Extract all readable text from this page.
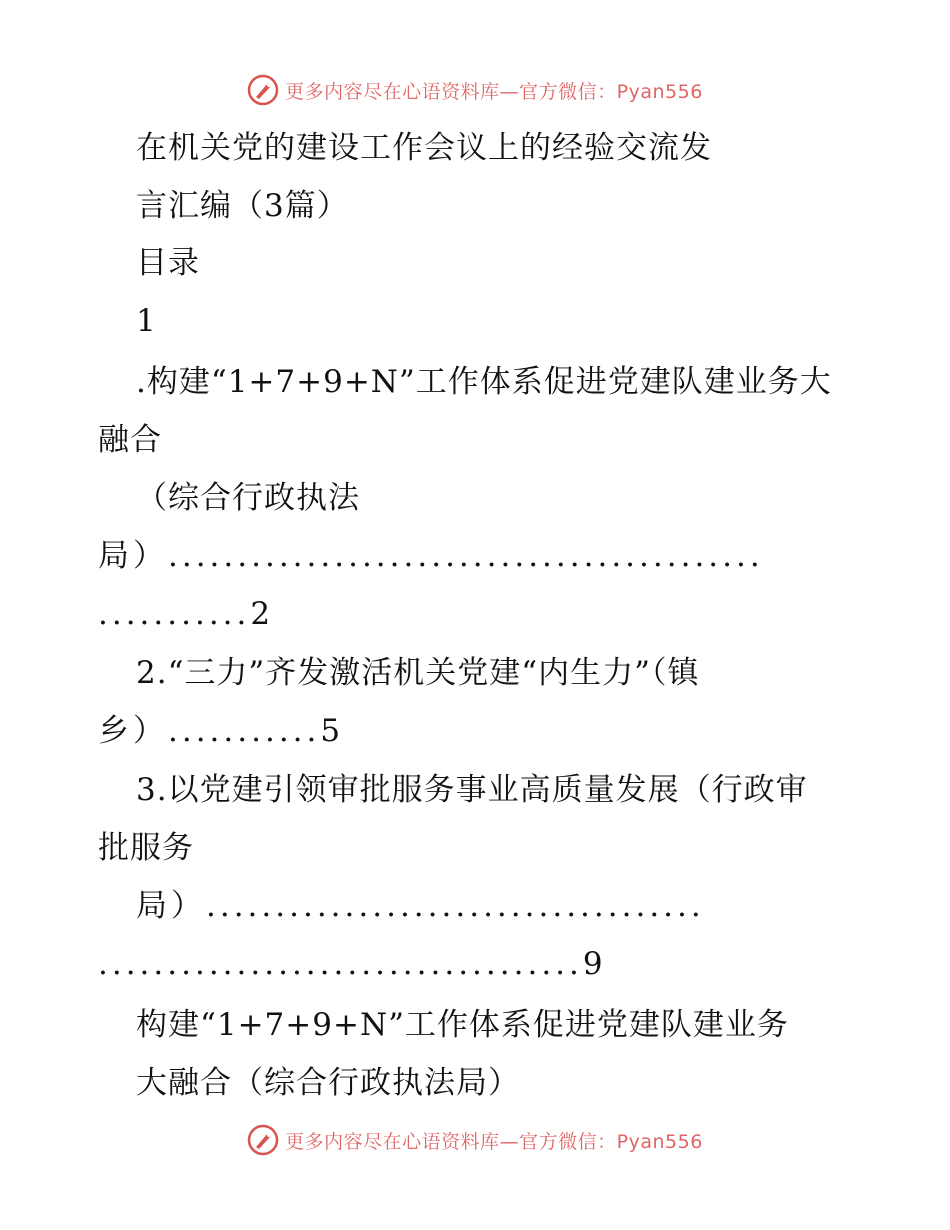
更多内容尽在心语资料库—官方微信：Pyan556
在机关党的建设工作会议上的经验交流发
言汇编（3篇）
目录
1
.构建“1+7+9+N”工作体系促进党建队建业务大
融合
（综合行政执法
局）...........................................
...........2
2.“三力”齐发激活机关党建“内生力”（镇
乡）...........5
3.以党建引领审批服务事业高质量发展（行政审
批服务
局）....................................
...................................9
构建“1+7+9+N”工作体系促进党建队建业务
大融合（综合行政执法局）
更多内容尽在心语资料库—官方微信：Pyan556
